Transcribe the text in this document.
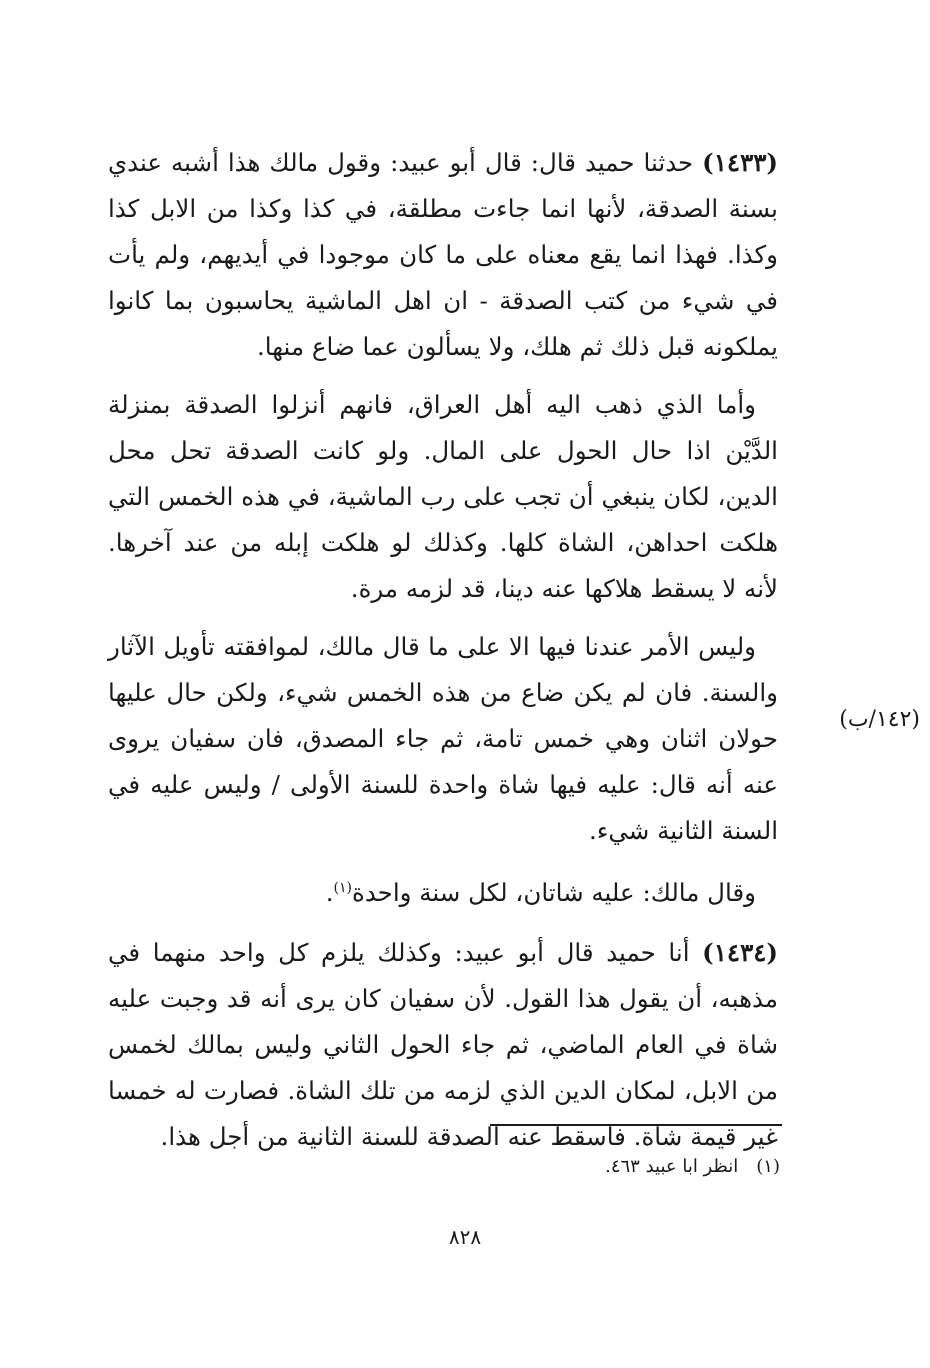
(١٤٣٣) حدثنا حميد قال: قال أبو عبيد: وقول مالك هذا أشبه عندي بسنة الصدقة، لأنها انما جاءت مطلقة، في كذا وكذا من الابل كذا وكذا. فهذا انما يقع معناه على ما كان موجودا في أيديهم، ولم يأت في شيء من كتب الصدقة - ان اهل الماشية يحاسبون بما كانوا يملكونه قبل ذلك ثم هلك، ولا يسألون عما ضاع منها.

وأما الذي ذهب اليه أهل العراق، فانهم أنزلوا الصدقة بمنزلة الدَّيْن اذا حال الحول على المال. ولو كانت الصدقة تحل محل الدين، لكان ينبغي أن تجب على رب الماشية، في هذه الخمس التي هلكت احداهن، الشاة كلها. وكذلك لو هلكت إبله من عند آخرها. لأنه لا يسقط هلاكها عنه دينا، قد لزمه مرة.

وليس الأمر عندنا فيها الا على ما قال مالك، لموافقته تأويل الآثار والسنة. فان لم يكن ضاع من هذه الخمس شيء، ولكن حال عليها حولان اثنان وهي خمس تامة، ثم جاء المصدق، فان سفيان يروى عنه أنه قال: عليه فيها شاة واحدة للسنة الأولى / وليس عليه في السنة الثانية شيء.

وقال مالك: عليه شاتان، لكل سنة واحدة$^{(١)}$.

(١٤٣٤) أنا حميد قال أبو عبيد: وكذلك يلزم كل واحد منهما في مذهبه، أن يقول هذا القول. لأن سفيان كان يرى أنه قد وجبت عليه شاة في العام الماضي، ثم جاء الحول الثاني وليس بمالك لخمس من الابل، لمكان الدين الذي لزمه من تلك الشاة. فصارت له خمسا غير قيمة شاة. فاسقط عنه الصدقة للسنة الثانية من أجل هذا.

(١٤٢/ب)
(١)انظر ابا عبيد ٤٦٣.
٨٢٨
